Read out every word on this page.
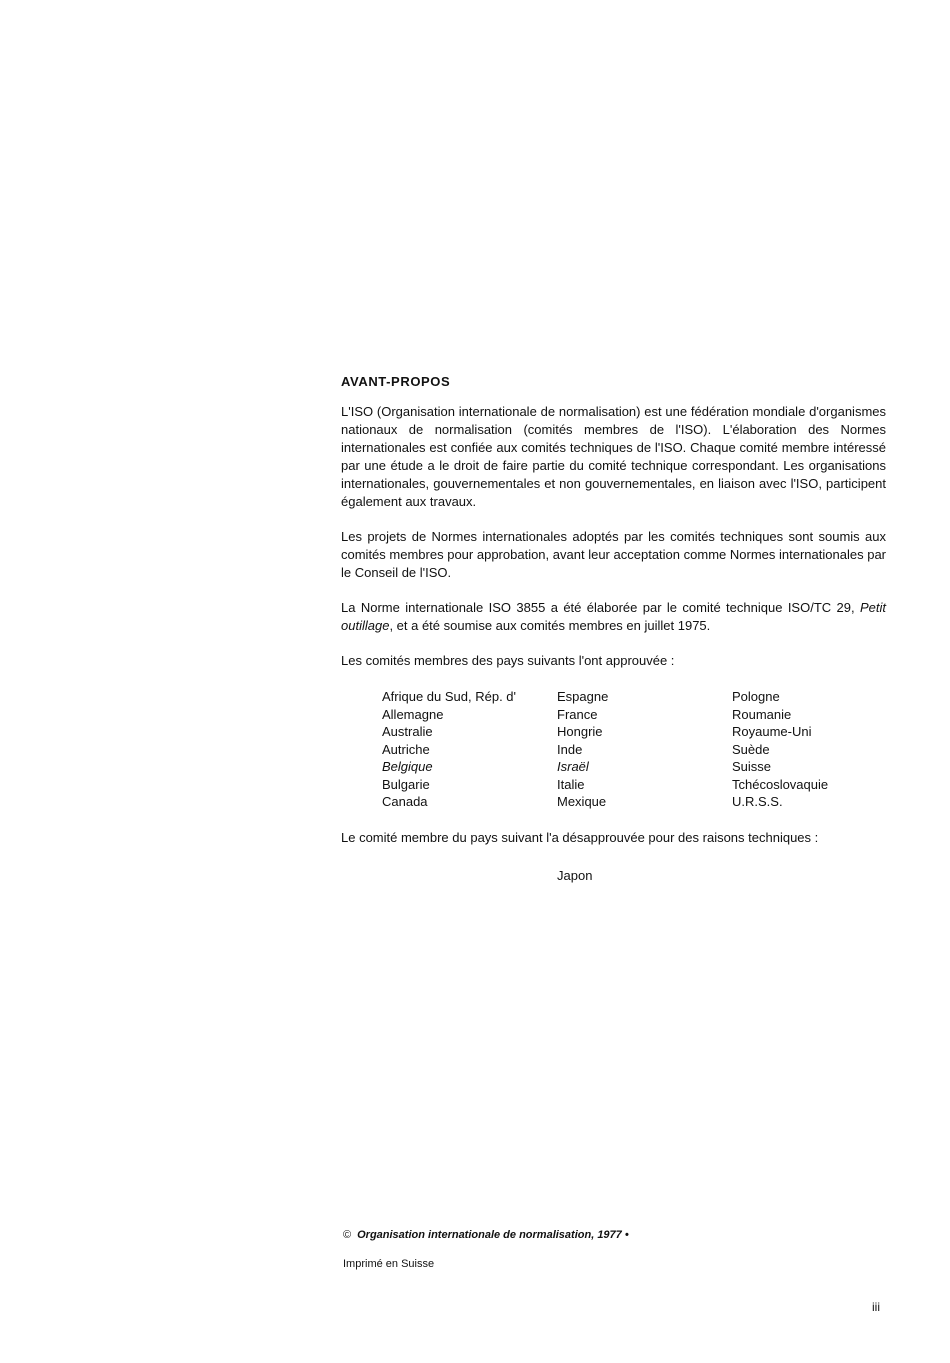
AVANT-PROPOS

L'ISO (Organisation internationale de normalisation) est une fédération mondiale d'organismes nationaux de normalisation (comités membres de l'ISO). L'élaboration des Normes internationales est confiée aux comités techniques de l'ISO. Chaque comité membre intéressé par une étude a le droit de faire partie du comité technique correspondant. Les organisations internationales, gouvernementales et non gouvernementales, en liaison avec l'ISO, participent également aux travaux.

Les projets de Normes internationales adoptés par les comités techniques sont soumis aux comités membres pour approbation, avant leur acceptation comme Normes internationales par le Conseil de l'ISO.

La Norme internationale ISO 3855 a été élaborée par le comité technique ISO/TC 29, Petit outillage, et a été soumise aux comités membres en juillet 1975.

Les comités membres des pays suivants l'ont approuvée :

Afrique du Sud, Rép. d'
Allemagne
Australie
Autriche
Belgique
Bulgarie
Canada
Espagne
France
Hongrie
Inde
Israël
Italie
Mexique
Pologne
Roumanie
Royaume-Uni
Suède
Suisse
Tchécoslovaquie
U.R.S.S.

Le comité membre du pays suivant l'a désapprouvée pour des raisons techniques :

Japon
© Organisation internationale de normalisation, 1977 •
Imprimé en Suisse
iii
